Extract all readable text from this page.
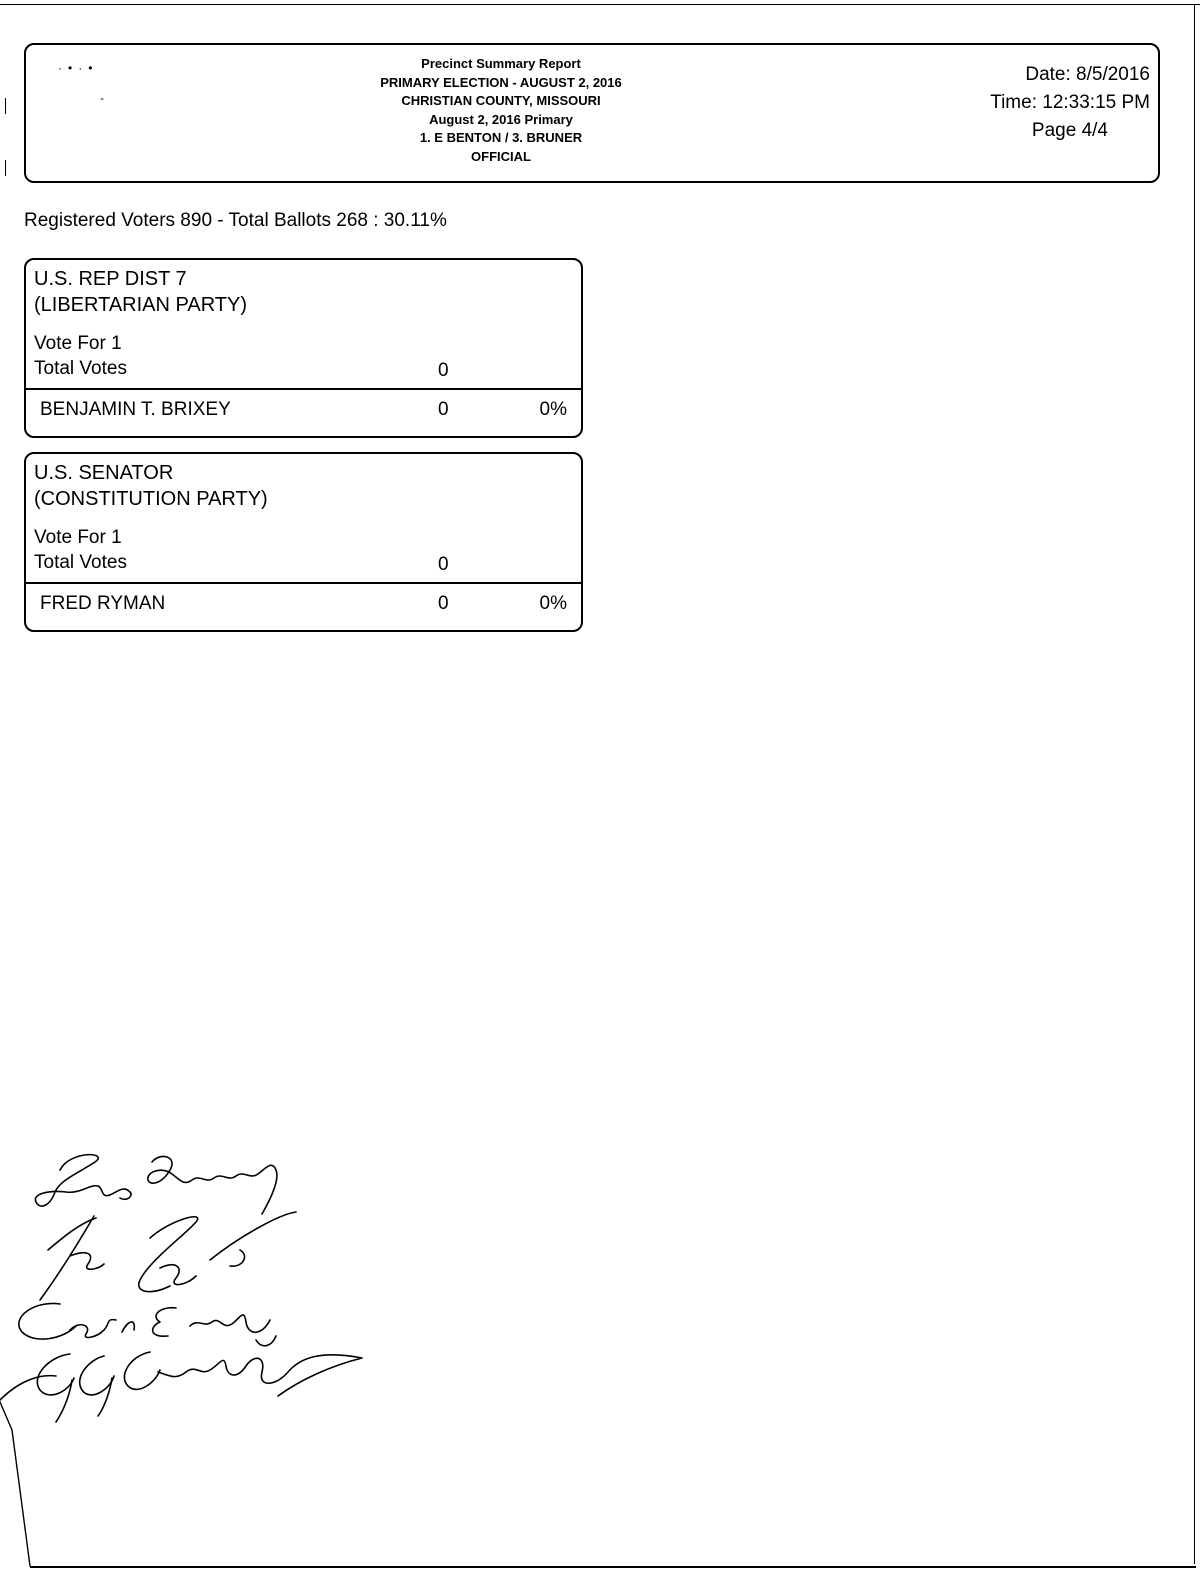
·•·•
-
Precinct Summary Report
PRIMARY ELECTION - AUGUST 2, 2016
CHRISTIAN COUNTY, MISSOURI
August 2, 2016 Primary
1. E BENTON / 3. BRUNER
OFFICIAL
Date: 8/5/2016
Time: 12:33:15 PM
Page 4/4
Registered Voters 890 - Total Ballots 268 : 30.11%
U.S. REP DIST 7
(LIBERTARIAN PARTY)
Vote For 1
Total Votes	0
BENJAMIN T. BRIXEY	0	0%
U.S. SENATOR
(CONSTITUTION PARTY)
Vote For 1
Total Votes	0
FRED RYMAN	0	0%
